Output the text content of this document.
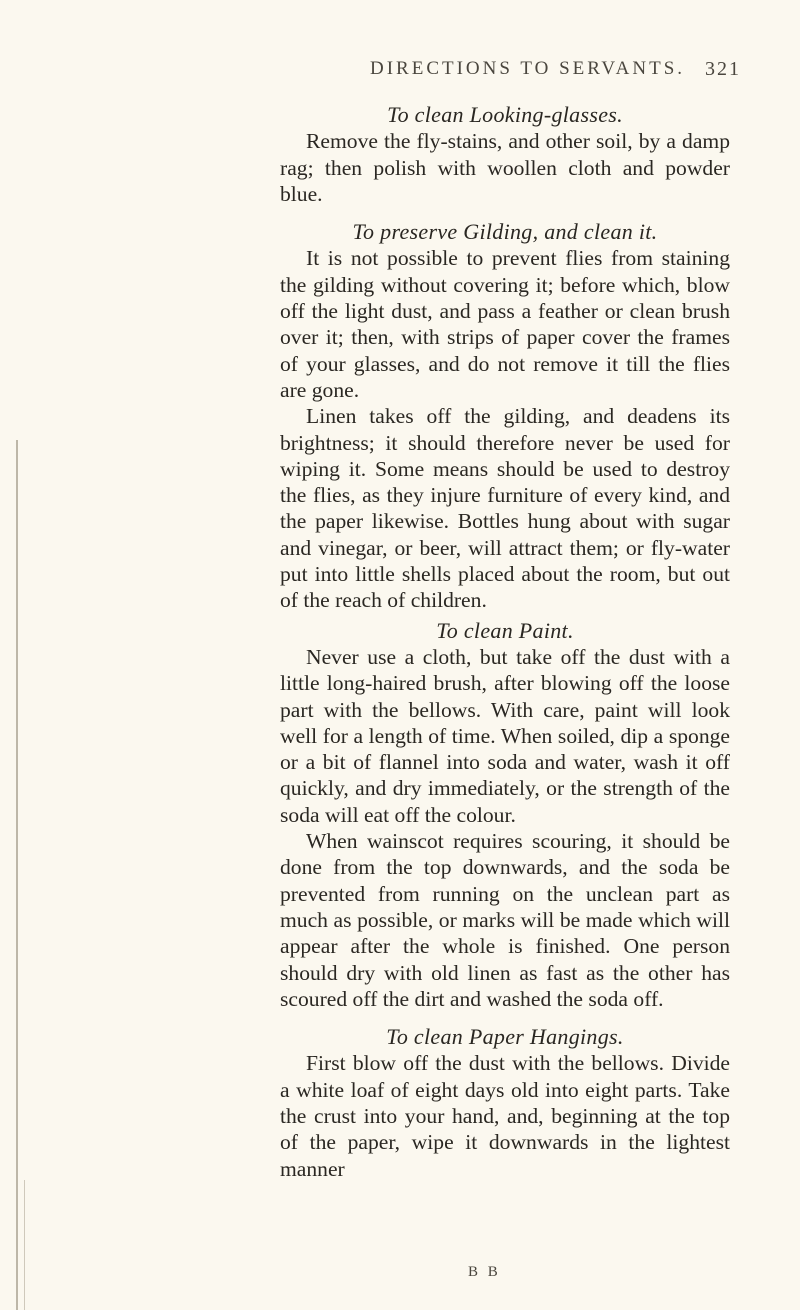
DIRECTIONS TO SERVANTS. 321

To clean Looking-glasses.

Remove the fly-stains, and other soil, by a damp rag; then polish with woollen cloth and powder blue.

To preserve Gilding, and clean it.

It is not possible to prevent flies from staining the gilding without covering it; before which, blow off the light dust, and pass a feather or clean brush over it; then, with strips of paper cover the frames of your glasses, and do not remove it till the flies are gone.

Linen takes off the gilding, and deadens its brightness; it should therefore never be used for wiping it. Some means should be used to destroy the flies, as they injure furniture of every kind, and the paper likewise. Bottles hung about with sugar and vinegar, or beer, will attract them; or fly-water put into little shells placed about the room, but out of the reach of children.

To clean Paint.

Never use a cloth, but take off the dust with a little long-haired brush, after blowing off the loose part with the bellows. With care, paint will look well for a length of time. When soiled, dip a sponge or a bit of flannel into soda and water, wash it off quickly, and dry immediately, or the strength of the soda will eat off the colour.

When wainscot requires scouring, it should be done from the top downwards, and the soda be prevented from running on the unclean part as much as possible, or marks will be made which will appear after the whole is finished. One person should dry with old linen as fast as the other has scoured off the dirt and washed the soda off.

To clean Paper Hangings.

First blow off the dust with the bellows. Divide a white loaf of eight days old into eight parts. Take the crust into your hand, and, beginning at the top of the paper, wipe it downwards in the lightest manner

B B
